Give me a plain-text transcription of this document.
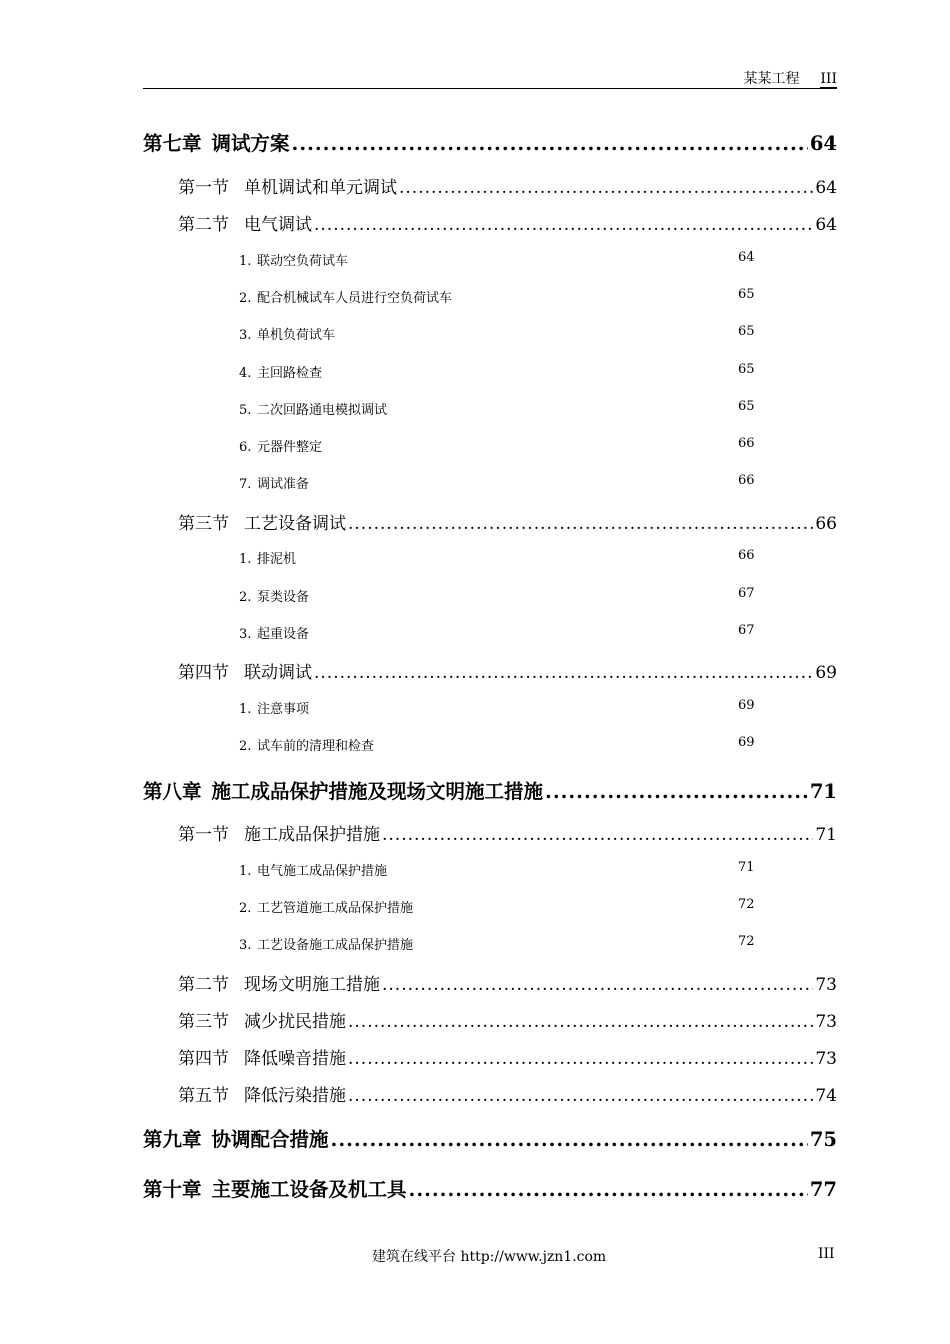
某某工程 III
第七章 调试方案 .....	64
第一节 单机调试和单元调试 .....	64
第二节 电气调试 .....	64
1. 联动空负荷试车	64
2. 配合机械试车人员进行空负荷试车	65
3. 单机负荷试车	65
4. 主回路检查	65
5. 二次回路通电模拟调试	65
6. 元器件整定	66
7. 调试准备	66
第三节 工艺设备调试 .....	66
1. 排泥机	66
2. 泵类设备	67
3. 起重设备	67
第四节 联动调试 .....	69
1. 注意事项	69
2. 试车前的清理和检查	69
第八章 施工成品保护措施及现场文明施工措施 .....	71
第一节 施工成品保护措施 .....	71
1. 电气施工成品保护措施	71
2. 工艺管道施工成品保护措施	72
3. 工艺设备施工成品保护措施	72
第二节 现场文明施工措施 .....	73
第三节 减少扰民措施 .....	73
第四节 降低噪音措施 .....	73
第五节 降低污染措施 .....	74
第九章 协调配合措施 .....	75
第十章 主要施工设备及机工具 .....	77
建筑在线平台 http://www.jzn1.com	III
